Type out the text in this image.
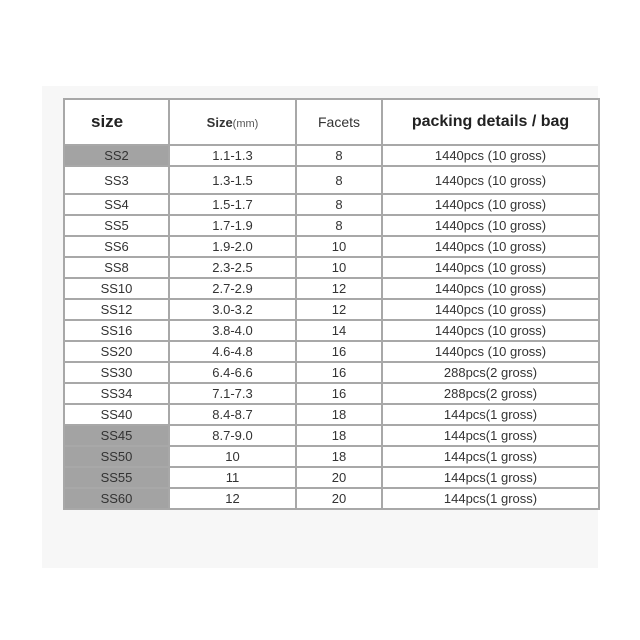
size	Size(mm)	Facets	packing details / bag
SS2	1.1-1.3	8	1440pcs (10 gross)
SS3	1.3-1.5	8	1440pcs (10 gross)
SS4	1.5-1.7	8	1440pcs (10 gross)
SS5	1.7-1.9	8	1440pcs (10 gross)
SS6	1.9-2.0	10	1440pcs (10 gross)
SS8	2.3-2.5	10	1440pcs (10 gross)
SS10	2.7-2.9	12	1440pcs (10 gross)
SS12	3.0-3.2	12	1440pcs (10 gross)
SS16	3.8-4.0	14	1440pcs (10 gross)
SS20	4.6-4.8	16	1440pcs (10 gross)
SS30	6.4-6.6	16	288pcs(2 gross)
SS34	7.1-7.3	16	288pcs(2 gross)
SS40	8.4-8.7	18	144pcs(1 gross)
SS45	8.7-9.0	18	144pcs(1 gross)
SS50	10	18	144pcs(1 gross)
SS55	11	20	144pcs(1 gross)
SS60	12	20	144pcs(1 gross)
